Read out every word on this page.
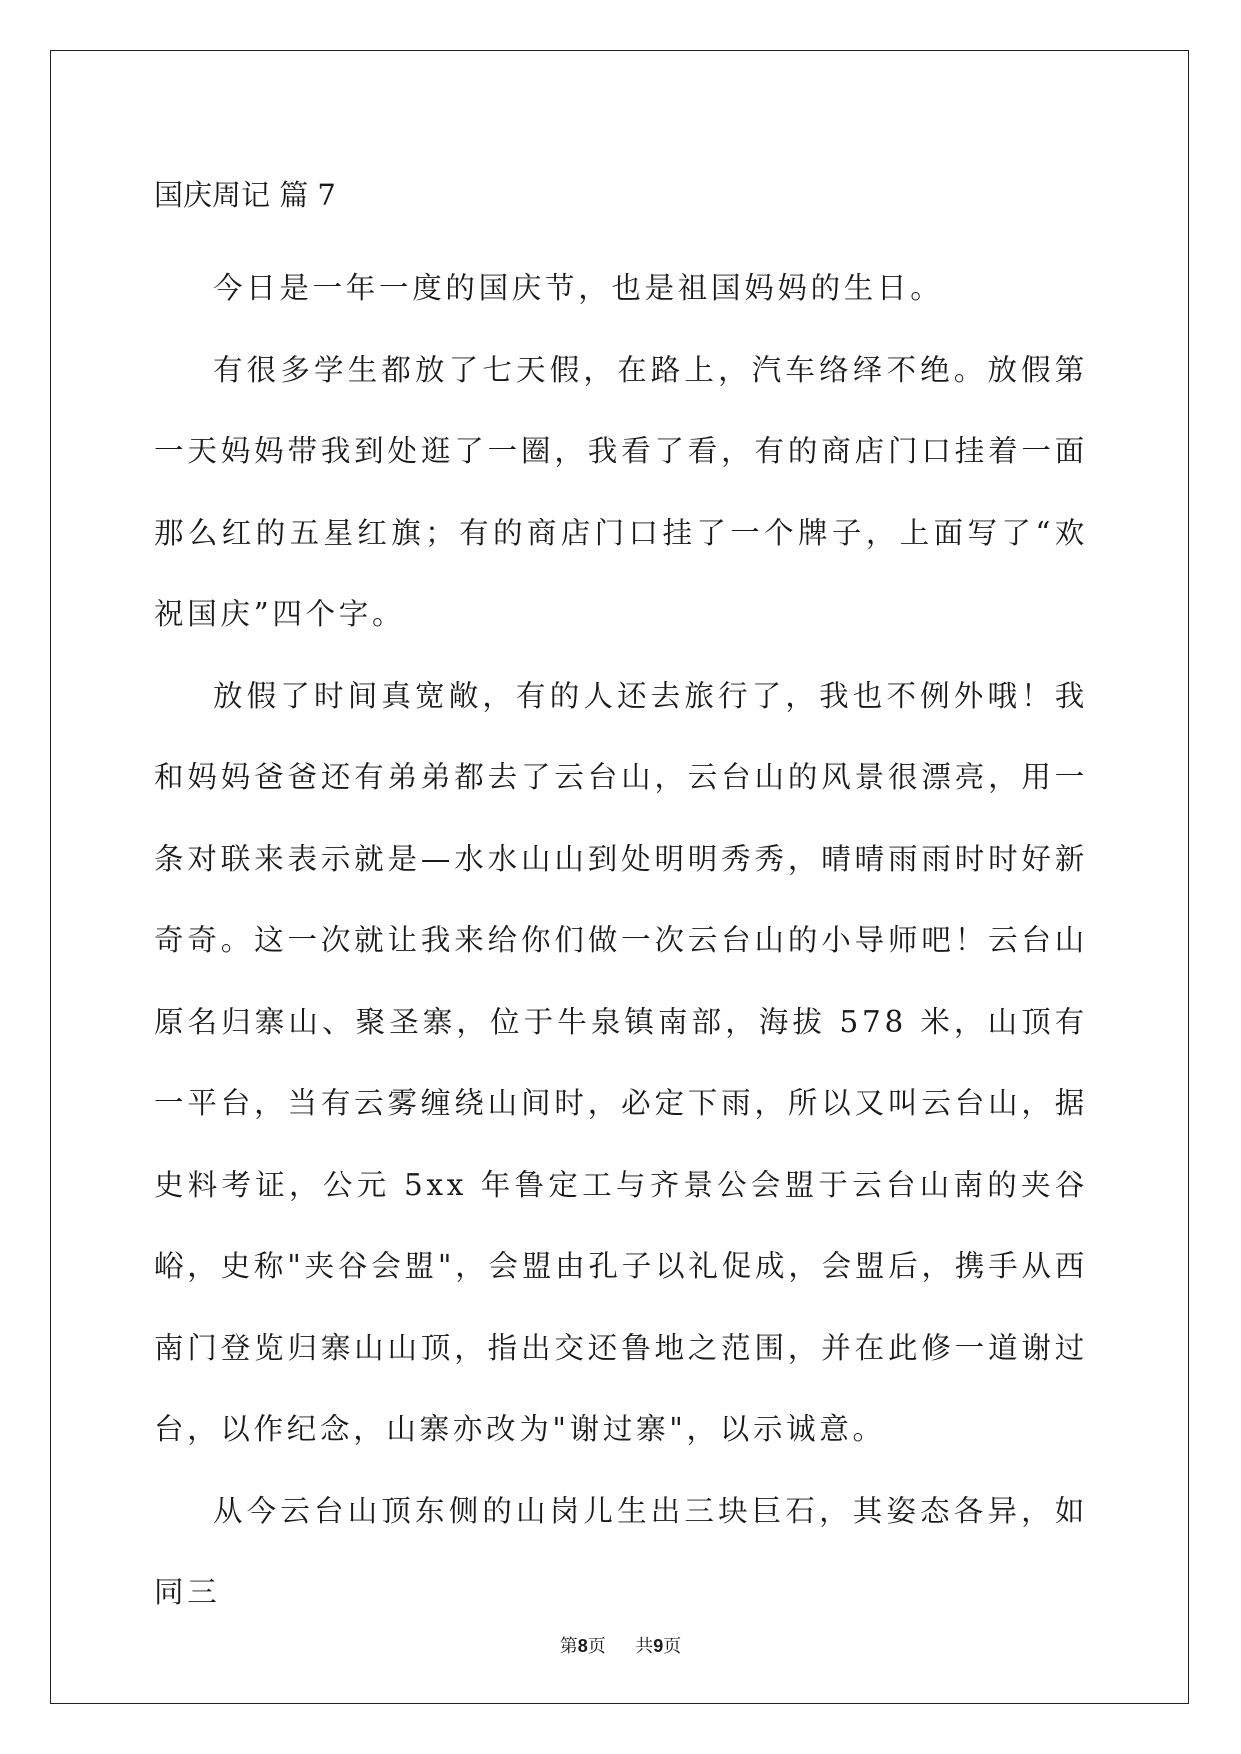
国庆周记 篇 7

今日是一年一度的国庆节，也是祖国妈妈的生日。

有很多学生都放了七天假，在路上，汽车络绎不绝。放假第一天妈妈带我到处逛了一圈，我看了看，有的商店门口挂着一面那么红的五星红旗；有的商店门口挂了一个牌子，上面写了“欢祝国庆”四个字。

放假了时间真宽敞，有的人还去旅行了，我也不例外哦！我和妈妈爸爸还有弟弟都去了云台山，云台山的风景很漂亮，用一条对联来表示就是—水水山山到处明明秀秀，晴晴雨雨时时好新奇奇。这一次就让我来给你们做一次云台山的小导师吧！云台山原名归寨山、聚圣寨，位于牛泉镇南部，海拔 578 米，山顶有一平台，当有云雾缠绕山间时，必定下雨，所以又叫云台山，据史料考证，公元 5xx 年鲁定工与齐景公会盟于云台山南的夹谷峪，史称"夹谷会盟"，会盟由孔子以礼促成，会盟后，携手从西南门登览归寨山山顶，指出交还鲁地之范围，并在此修一道谢过台，以作纪念，山寨亦改为"谢过寨"，以示诚意。

从今云台山顶东侧的山岗儿生出三块巨石，其姿态各异，如同三

第8页 共9页
